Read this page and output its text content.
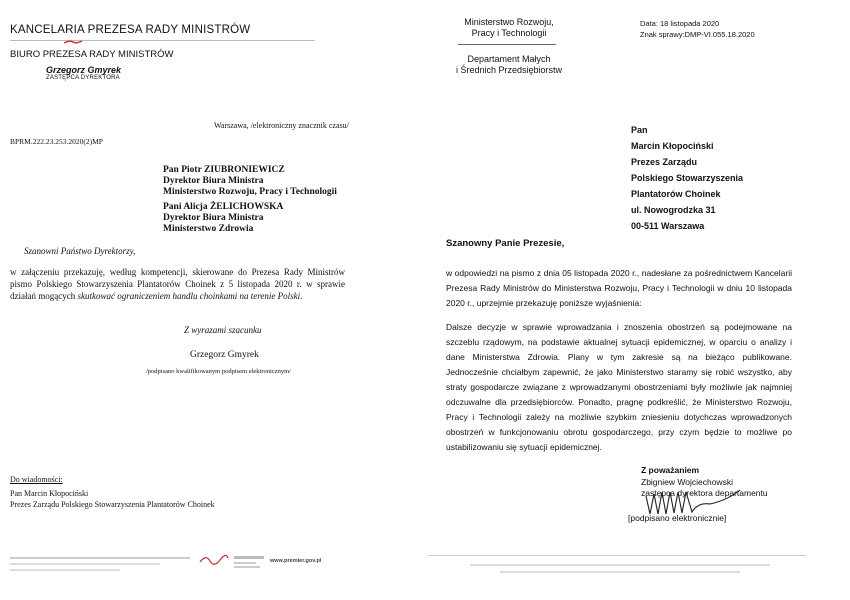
KANCELARIA PREZESA RADY MINISTRÓW
BIURO PREZESA RADY MINISTRÓW
Grzegorz Gmyrek
ZASTĘPCA DYREKTORA
Warszawa, /elektroniczny znacznik czasu/
BPRM.222.23.253.2020(2)MP
Pan Piotr ZIUBRONIEWICZ
Dyrektor Biura Ministra
Ministerstwo Rozwoju, Pracy i Technologii
Pani Alicja ŻELICHOWSKA
Dyrektor Biura Ministra
Ministerstwo Zdrowia
Szanowni Państwo Dyrektorzy,
w załączeniu przekazuję, według kompetencji, skierowane do Prezesa Rady Ministrów pismo Polskiego Stowarzyszenia Plantatorów Choinek z 5 listopada 2020 r. w sprawie działań mogących skutkować ograniczeniem handlu choinkami na terenie Polski.
Z wyrazami szacunku
Grzegorz Gmyrek
/podpisano kwalifikowanym podpisem elektronicznym/
Do wiadomości:
Pan Marcin Kłopociński
Prezes Zarządu Polskiego Stowarzyszenia Plantatorów Choinek
www.premier.gov.pl
Ministerstwo Rozwoju,
Pracy i Technologii
Departament Małych
i Średnich Przedsiębiorstw
Data: 18 listopada 2020
Znak sprawy:DMP-VI.055.18.2020
Pan
Marcin Kłopociński
Prezes Zarządu
Polskiego Stowarzyszenia
Plantatorów Choinek
ul. Nowogrodzka 31
00-511 Warszawa
Szanowny Panie Prezesie,
w odpowiedzi na pismo z dnia 05 listopada 2020 r., nadesłane za pośrednictwem Kancelarii Prezesa Rady Ministrów do Ministerstwa Rozwoju, Pracy i Technologii w dniu 10 listopada 2020 r., uprzejmie przekazuję poniższe wyjaśnienia:
Dalsze decyzje w sprawie wprowadzania i znoszenia obostrzeń są podejmowane na szczeblu rządowym, na podstawie aktualnej sytuacji epidemicznej, w oparciu o analizy i dane Ministerstwa Zdrowia. Plany w tym zakresie są na bieżąco publikowane. Jednocześnie chciałbym zapewnić, że jako Ministerstwo staramy się robić wszystko, aby straty gospodarcze związane z wprowadzanymi obostrzeniami były możliwie jak najmniej odczuwalne dla przedsiębiorców. Ponadto, pragnę podkreślić, że Ministerstwo Rozwoju, Pracy i Technologii zależy na możliwie szybkim zniesieniu dotychczas wprowadzonych obostrzeń w funkcjonowaniu obrotu gospodarczego, przy czym będzie to możliwe po ustabilizowaniu się sytuacji epidemicznej.
Z poważaniem
Zbigniew Wojciechowski
zastępca dyrektora departamentu
[podpisano elektronicznie]
